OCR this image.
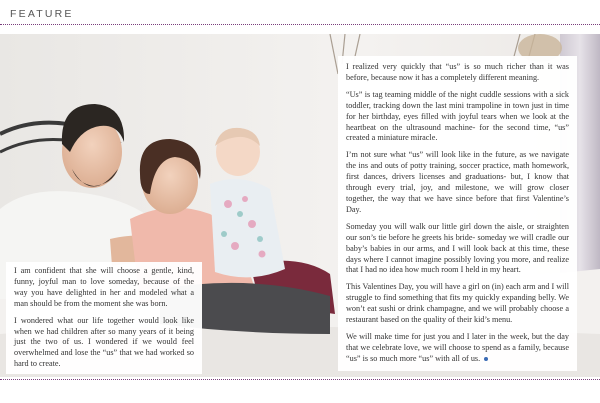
FEATURE

I am confident that she will choose a gentle, kind, funny, joyful man to love someday, because of the way you have delighted in her and modeled what a man should be from the moment she was born.

I wondered what our life together would look like when we had children after so many years of it being just the two of us. I wondered if we would feel overwhelmed and lose the “us” that we had worked so hard to create.

I realized very quickly that “us” is so much richer than it was before, because now it has a completely different meaning.

“Us” is tag teaming middle of the night cuddle sessions with a sick toddler, tracking down the last mini trampoline in town just in time for her birthday, eyes filled with joyful tears when we look at the heartbeat on the ultrasound machine- for the second time, “us” created a miniature miracle.

I’m not sure what “us” will look like in the future, as we navigate the ins and outs of potty training, soccer practice, math homework, first dances, drivers licenses and graduations- but, I know that through every trial, joy, and milestone, we will grow closer together, the way that we have since before that first Valentine’s Day.

Someday you will walk our little girl down the aisle, or straighten our son’s tie before he greets his bride- someday we will cradle our baby’s babies in our arms, and I will look back at this time, these days where I cannot imagine possibly loving you more, and realize that I had no idea how much room I held in my heart.

This Valentines Day, you will have a girl on (in) each arm and I will struggle to find something that fits my quickly expanding belly. We won’t eat sushi or drink champagne, and we will probably choose a restaurant based on the quality of their kid’s menu.

We will make time for just you and I later in the week, but the day that we celebrate love, we will choose to spend as a family, because “us” is so much more “us” with all of us.
